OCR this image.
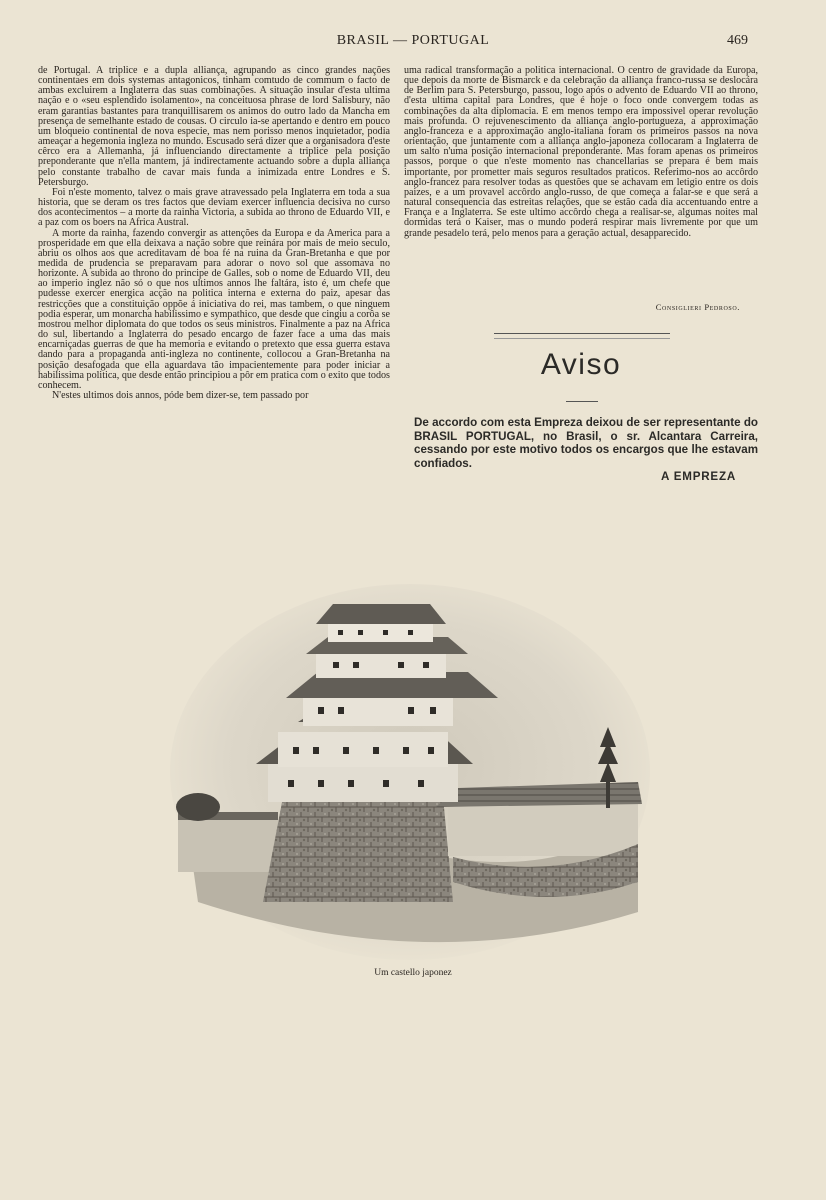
BRASIL — PORTUGAL	469

de Portugal. A triplice e a dupla alliança, agrupando as cinco grandes nações continentaes em dois systemas antagonicos, tinham comtudo de commum o facto de ambas excluirem a Inglaterra das suas combinações. A situação insular d'esta ultima nação e o «seu esplendido isolamento», na conceituosa phrase de lord Salisbury, não eram garantias bastantes para tranquillisarem os animos do outro lado da Mancha em presença de semelhante estado de cousas. O circulo ia-se apertando e dentro em pouco um bloqueio continental de nova especie, mas nem porisso menos inquietador, podia ameaçar a hegemonia ingleza no mundo. Escusado será dizer que a organisadora d'este cêrco era a Allemanha, já influenciando directamente a triplice pela posição preponderante que n'ella mantem, já indirectamente actuando sobre a dupla alliança pelo constante trabalho de cavar mais funda a inimizada entre Londres e S. Petersburgo.

Foi n'este momento, talvez o mais grave atravessado pela Inglaterra em toda a sua historia, que se deram os tres factos que deviam exercer influencia decisiva no curso dos acontecimentos – a morte da rainha Victoria, a subida ao throno de Eduardo VII, e a paz com os boers na Africa Austral.

A morte da rainha, fazendo convergir as attenções da Europa e da America para a prosperidade em que ella deixava a nação sobre que reinára por mais de meio seculo, abriu os olhos aos que acreditavam de boa fé na ruina da Gran-Bretanha e que por medida de prudencia se preparavam para adorar o novo sol que assomava no horizonte. A subida ao throno do principe de Galles, sob o nome de Eduardo VII, deu ao imperio inglez não só o que nos ultimos annos lhe faltára, isto é, um chefe que pudesse exercer energica acção na politica interna e externa do paiz, apesar das restricções que a constituição oppõe á iniciativa do rei, mas tambem, o que ninguem podia esperar, um monarcha habilissimo e sympathico, que desde que cingiu a corôa se mostrou melhor diplomata do que todos os seus ministros. Finalmente a paz na Africa do sul, libertando a Inglaterra do pesado encargo de fazer face a uma das mais encarniçadas guerras de que ha memoria e evitando o pretexto que essa guerra estava dando para a propaganda anti-ingleza no continente, collocou a Gran-Bretanha na posição desafogada que ella aguardava tão impacientemente para poder iniciar a habilissima politica, que desde então principiou a pôr em pratica com o exito que todos conhecem.

N'estes ultimos dois annos, póde bem dizer-se, tem passado por

uma radical transformação a politica internacional. O centro de gravidade da Europa, que depois da morte de Bismarck e da celebração da alliança franco-russa se deslocára de Berlim para S. Petersburgo, passou, logo após o advento de Eduardo VII ao throno, d'esta ultima capital para Londres, que é hoje o foco onde convergem todas as combinações da alta diplomacia. E em menos tempo era impossivel operar revolução mais profunda. O rejuvenescimento da alliança anglo-portugueza, a approximação anglo-franceza e a approximação anglo-italiana foram os primeiros passos na nova orientação, que juntamente com a alliança anglo-japoneza collocaram a Inglaterra de um salto n'uma posição internacional preponderante. Mas foram apenas os primeiros passos, porque o que n'este momento nas chancellarias se prepara é bem mais importante, por prometter mais seguros resultados praticos. Referimo-nos ao accôrdo anglo-francez para resolver todas as questões que se achavam em letigio entre os dois paizes, e a um provavel accôrdo anglo-russo, de que começa a falar-se e que será a natural consequencia das estreitas relações, que se estão cada dia accentuando entre a França e a Inglaterra. Se este ultimo accôrdo chega a realisar-se, algumas noites mal dormidas terá o Kaiser, mas o mundo poderá respirar mais livremente por que um grande pesadelo terá, pelo menos para a geração actual, desapparecido.

Consiglieri Pedroso.
Aviso
De accordo com esta Empreza deixou de ser representante do BRASIL PORTUGAL, no Brasil, o sr. Alcantara Carreira, cessando por este motivo todos os encargos que lhe estavam confiados.
A EMPREZA
Um castello japonez
